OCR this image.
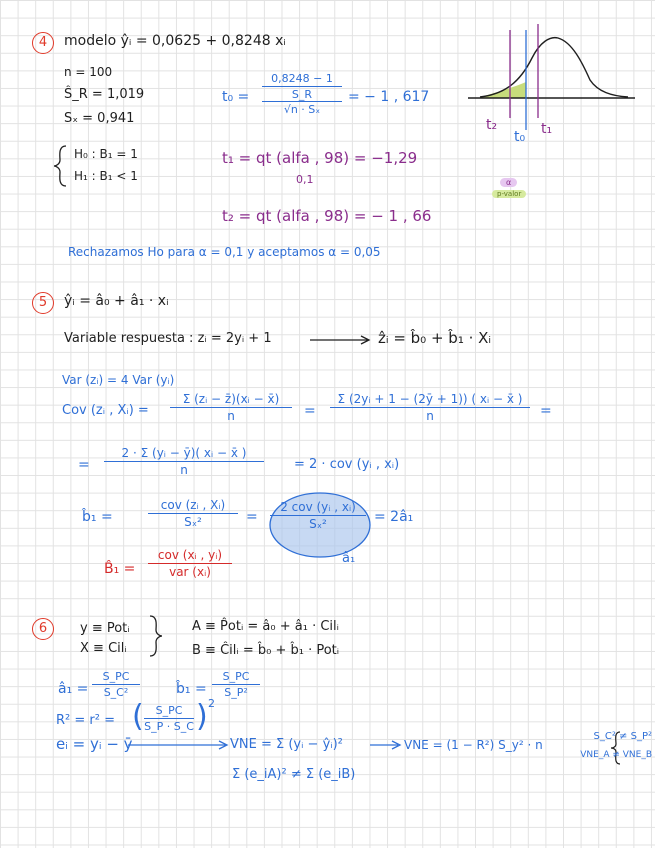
4	modelo ŷᵢ = 0,0625 + 0,8248 xᵢ
n = 100
Ŝ_R = 1,019
Sₓ = 0,941
H₀ : B₁ = 1
H₁ : B₁ < 1
t₀ =
0,8248 − 1
S_R
√n · Sₓ
= − 1 , 617
t₁ = qt (alfa , 98) = −1,29
0,1
t₂ = qt (alfa , 98) = − 1 , 66
t₂
t₀ t₁
α
p-valor
Rechazamos Ho para α = 0,1 y aceptamos α = 0,05
5	ŷᵢ = â₀ + â₁ · xᵢ
Variable respuesta : zᵢ = 2yᵢ + 1	ẑᵢ = b̂₀ + b̂₁ · Xᵢ
Var (zᵢ) = 4 Var (yᵢ)
Cov (zᵢ , Xᵢ) = $\frac{\text{Σ (zᵢ − z̄)(xᵢ − x̄)}}{n} = \frac{\text{Σ (2yᵢ + 1 − (2ȳ + 1)) ( xᵢ − x̄ )}}{n}$ =
= $\frac{\text{2 · Σ (yᵢ − ȳ)( xᵢ − x̄ )}}{n} = 2$ · cov (yᵢ , xᵢ)
b̂₁ =
cov (zᵢ , Xᵢ)
Sₓ²	=
2 cov (yᵢ , xᵢ)
Sₓ²	= 2â₁
â₁
B̂₁ =
cov (xᵢ , yᵢ)
var (xᵢ)
6	y ≡ Potᵢ
X ≡ Cilᵢ
A ≡ P̂otᵢ = â₀ + â₁ · Cilᵢ
B ≡ Ĉilᵢ = b̂₀ + b̂₁ · Potᵢ
â₁ = $\frac{S\_PC}{\text{S\_C²}}$	b̂₁ = $\frac{S\_PC}{\text{S\_P²}}$
R² = r² = ( $\frac{S\_PC}{S\_P \cdot S\_C}$ ) 2
eᵢ = yᵢ − ȳ	VNE = Σ (yᵢ − ŷᵢ)²	VNE = (1 − R²) S_y² · n
S_C² ≠ S_P²
VNE_A ≠ VNE_B
Σ (e_iA)² ≠ Σ (e_iB)
